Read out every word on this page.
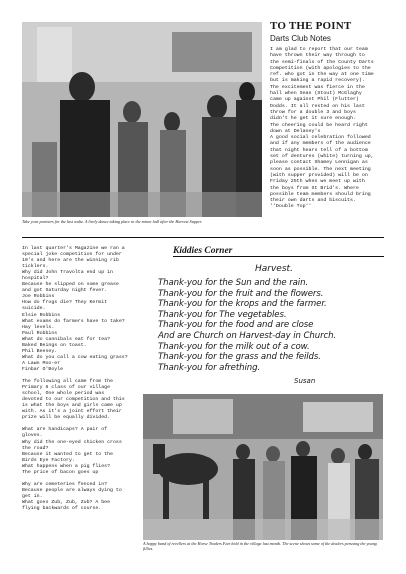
Take your partners for the last waltz. A lively dance taking place in the minor hall after the Harvest Supper.
TO THE POINT
Darts Club Notes
I am glad to report that our team
have thrown their way through to
the semi-finals of the County Darts
Competition (with apologies to the
ref. who got in the way at one time
but is making a rapid recovery).
The excitement was fierce in the
hall when Sean (Stout) McGlaghy
came up against Phil (Flutter)
Dodds. It all rested on his last
throw for a double 3 and boys
didn't he get it sure enough.
The cheering could be heard right
down at Delaney's
A good social celebration followed
and if any members of the audience
that night hears tell of a bottom
set of dentures (white) turning up,
please contact Shamey Lennigan as
soon as possible. The next meeting
(with supper provided) will be on
Friday 25th when we meet up with
the boys from St Brid's. Where
possible team members should bring
their own darts and biscuits.
''Double Top''
In last quarter's Magazine we ran a
special joke competition for under
10's and here are the winning rib
ticklers.
Why did John Travolta end up in
hospital?
Because he slipped on some grease
and got Saturday night fever.
Joe Robbins
How do frogs die? They Kermit
suicide.
Elsie Robbins
What exams do farmers have to take?
Hay levels.
Paul Robbins
What do cannibals eat for tea?
Baked Beings on toast.
Phil Beesey.
What do you call a cow eating grass?
A Lawn Moo-er
Finbar O'Boyle

The following all came from the
Primary 6 class of our village
school, One whole period was
devoted to our competition and this
is what the boys and girls came up
with. As it's a joint effort their
prize will be equally divided.

What are handicaps? A pair of
gloves.
Why did the one-eyed chicken cross
the road?
Because it wanted to get to the
Birds Eye Factory.
What happens when a pig flies?
The price of bacon goes up

Why are cemeteries fenced in?
Because people are always dying to
get in.
What goes Zub, Zub, Zub? A bee
flying backwards of course.
Kiddies Corner
Harvest.
Thank-you for the Sun and the rain.
Thank-you for the fruit and the flowers.
Thank-you for the krops and the farmer.
Thank-you for The vegetables.
Thank-you for the food and are close
And are Church on Harvest-day in Church.
Thank-you for the milk out of a cow.
Thank-you for the grass and the feilds.
Thank-you for afrething.
Susan
A happy band of revellers at the Horse Traders Fair held in the village last month. The scene shows some of the dealers perusing the young fillies.
